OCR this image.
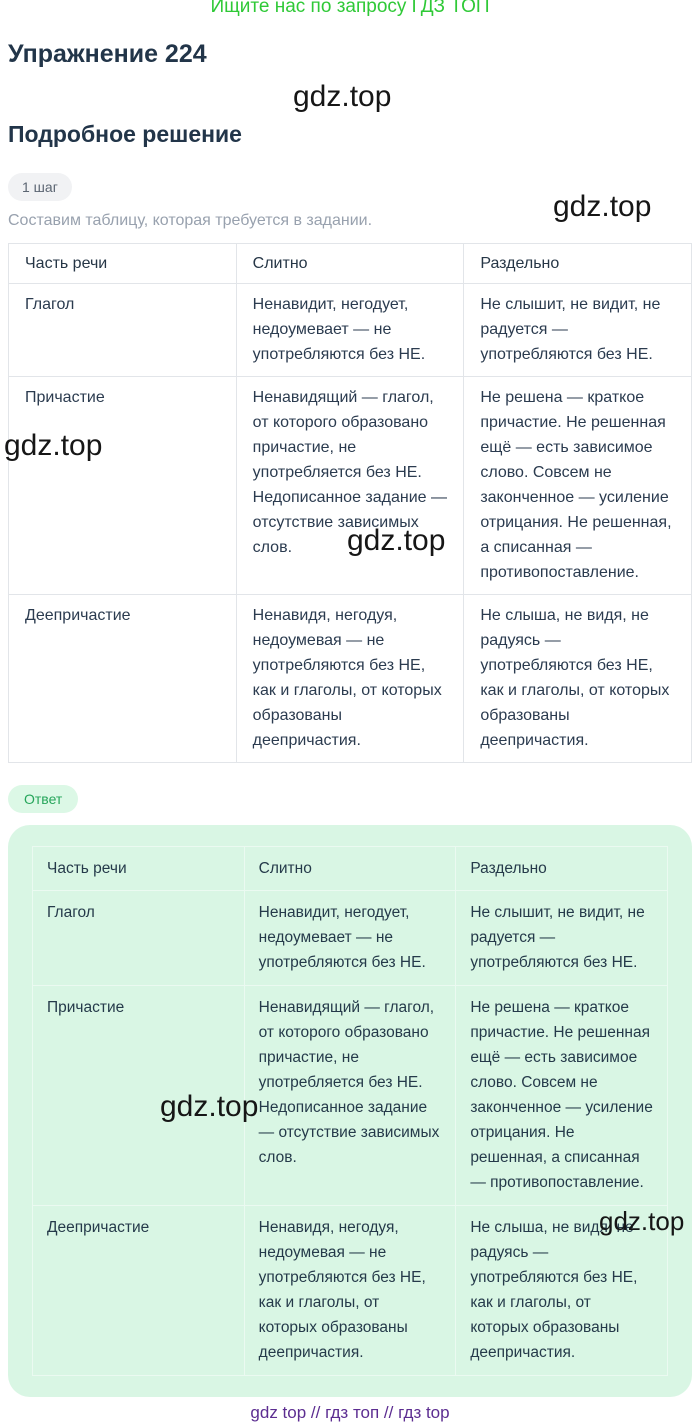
Ищите нас по запросу ГДЗ ТОП
Упражнение 224
Подробное решение
1 шаг

Составим таблицу, которая требуется в задании.

Часть речи	Слитно	Раздельно
Глагол	Ненавидит, негодует, недоумевает — не употребляются без НЕ.	Не слышит, не видит, не радуется — употребляются без НЕ.
Причастие	Ненавидящий — глагол, от которого образовано причастие, не употребляется без НЕ. Недописанное задание — отсутствие зависимых слов.	Не решена — краткое причастие. Не решенная ещё — есть зависимое слово. Совсем не законченное — усиление отрицания. Не решенная, а списанная — противопоставление.
Деепричастие	Ненавидя, негодуя, недоумевая — не употребляются без НЕ, как и глаголы, от которых образованы деепричастия.	Не слыша, не видя, не радуясь — употребляются без НЕ, как и глаголы, от которых образованы деепричастия.
Ответ
Часть речи	Слитно	Раздельно
Глагол	Ненавидит, негодует, недоумевает — не употребляются без НЕ.	Не слышит, не видит, не радуется — употребляются без НЕ.
Причастие	Ненавидящий — глагол, от которого образовано причастие, не употребляется без НЕ. Недописанное задание — отсутствие зависимых слов.	Не решена — краткое причастие. Не решенная ещё — есть зависимое слово. Совсем не законченное — усиление отрицания. Не решенная, а списанная — противопоставление.
Деепричастие	Ненавидя, негодуя, недоумевая — не употребляются без НЕ, как и глаголы, от которых образованы деепричастия.	Не слыша, не видя, не радуясь — употребляются без НЕ, как и глаголы, от которых образованы деепричастия.
gdz top // гдз топ // гдз top
gdz.top
gdz.top
gdz.top
gdz.top
gdz.top
gdz.top
